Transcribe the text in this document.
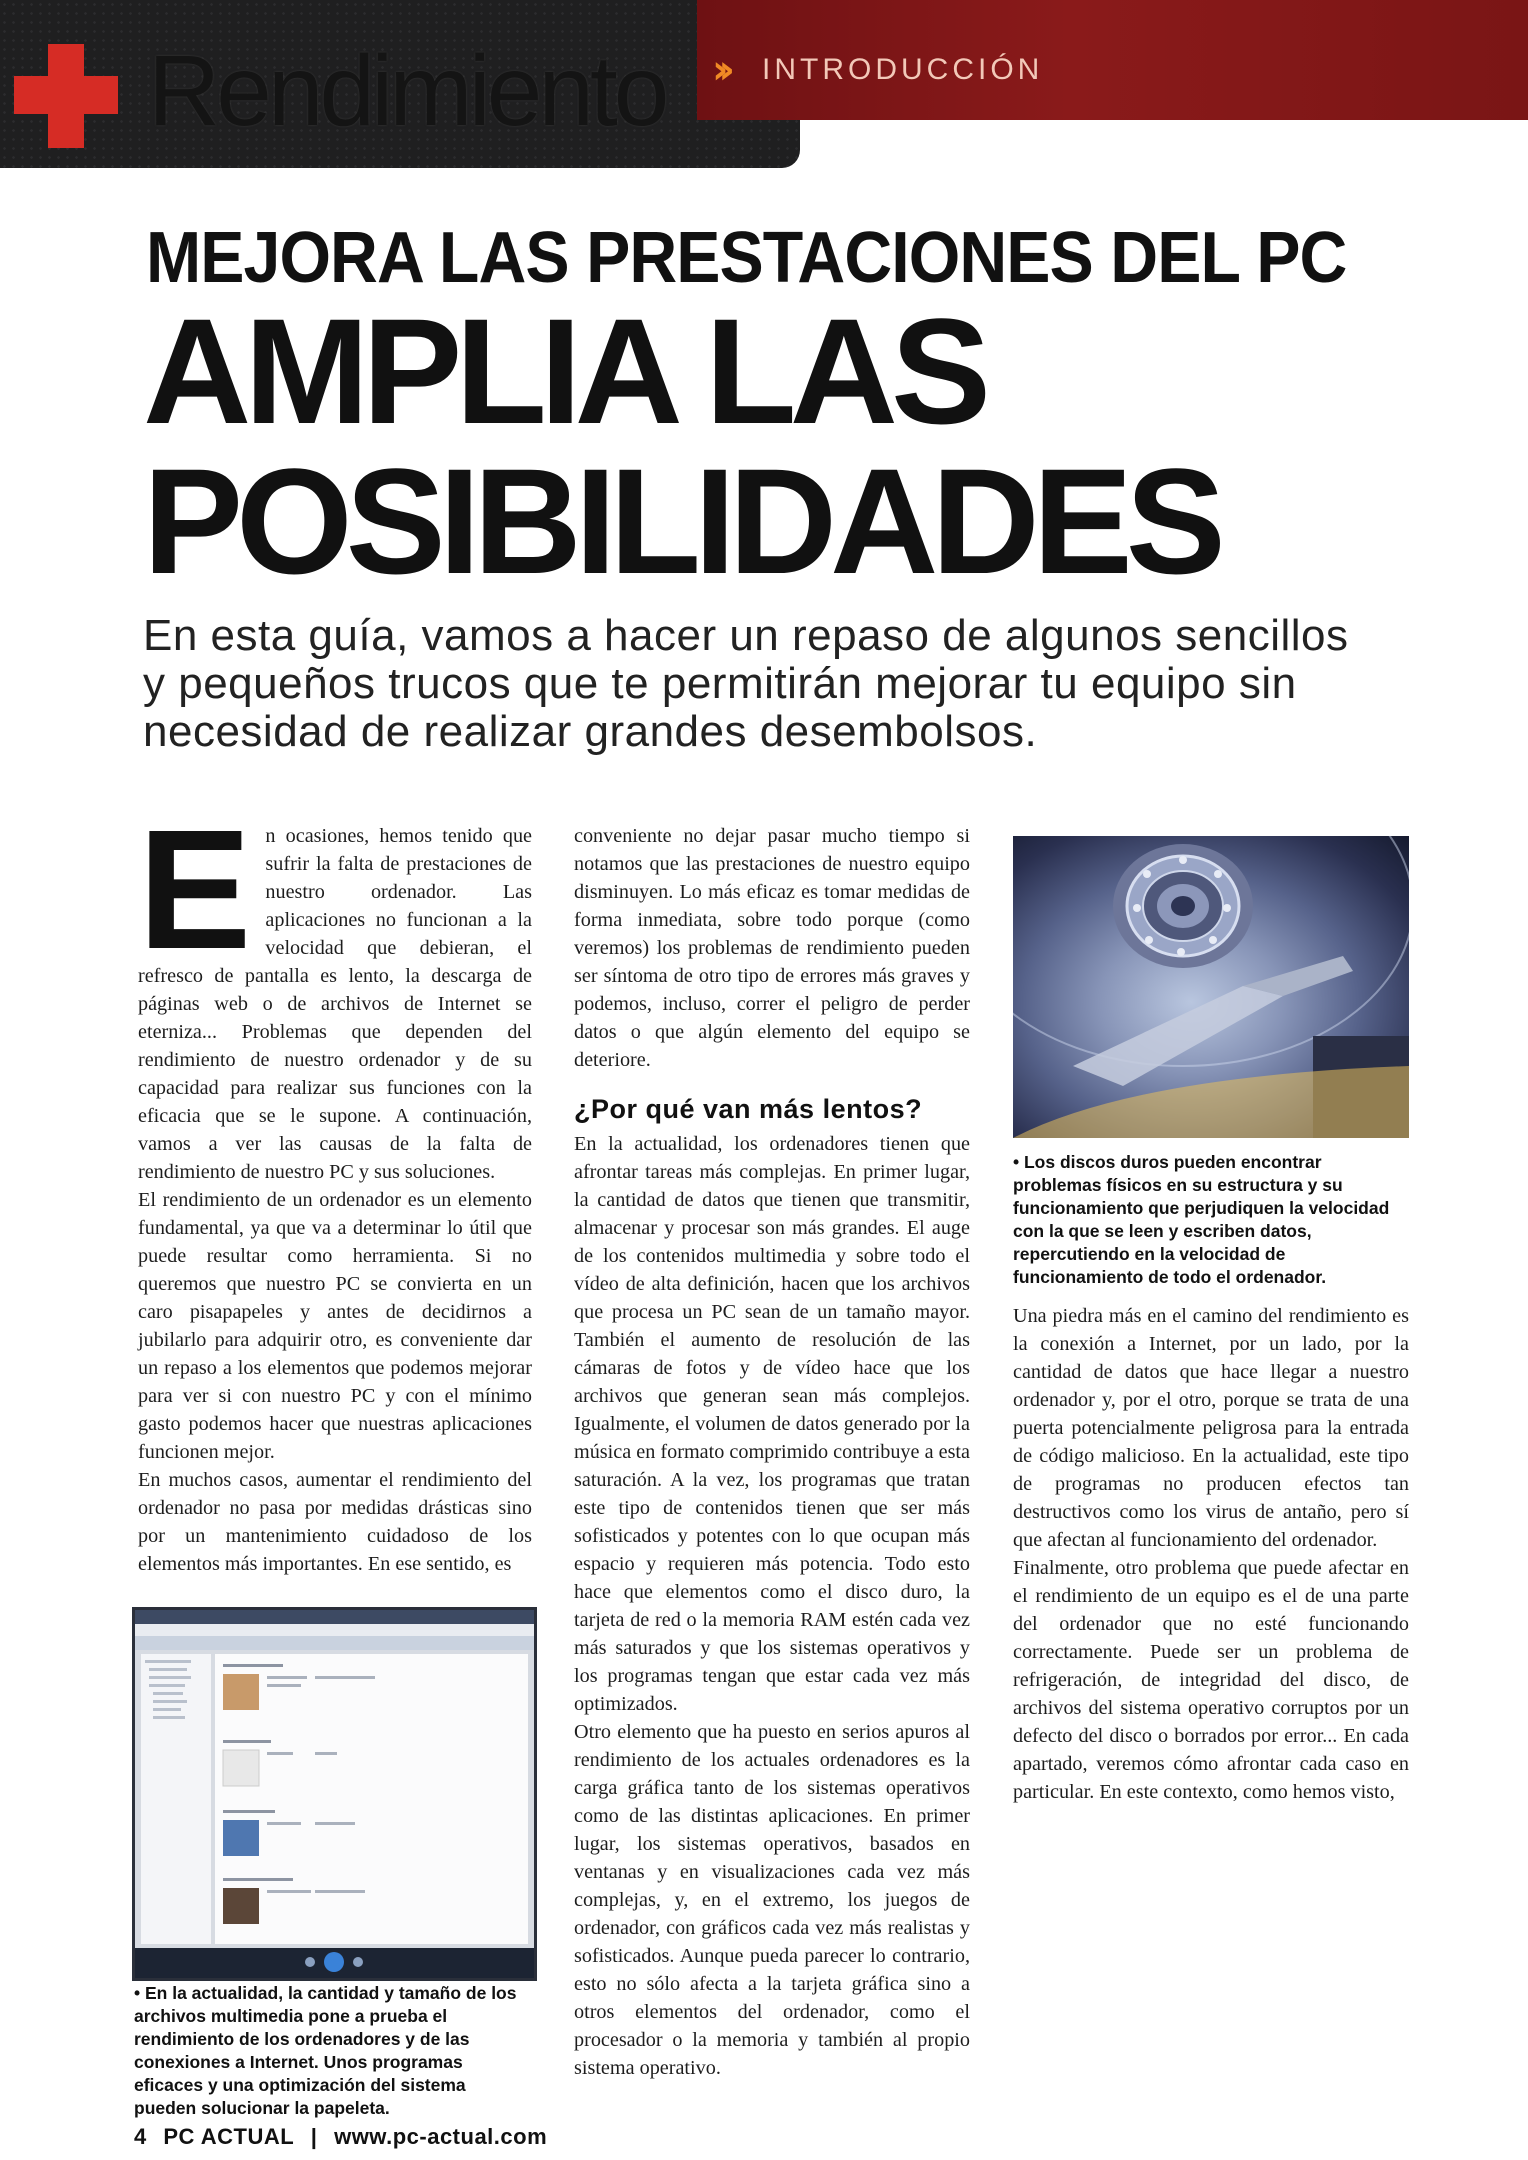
Rendimiento ›› INTRODUCCIÓN
MEJORA LAS PRESTACIONES DEL PC
AMPLIA LAS
POSIBILIDADES
En esta guía, vamos a hacer un repaso de algunos sencillos y pequeños trucos que te permitirán mejorar tu equipo sin necesidad de realizar grandes desembolsos.
E n ocasiones, hemos tenido que sufrir la falta de prestaciones de nuestro ordenador. Las aplicaciones no funcionan a la velocidad que debieran, el refresco de pantalla es lento, la descarga de páginas web o de archivos de Internet se eterniza... Problemas que dependen del rendimiento de nuestro ordenador y de su capacidad para realizar sus funciones con la eficacia que se le supone. A continuación, vamos a ver las causas de la falta de rendimiento de nuestro PC y sus soluciones.

El rendimiento de un ordenador es un elemento fundamental, ya que va a determinar lo útil que puede resultar como herramienta. Si no queremos que nuestro PC se convierta en un caro pisapapeles y antes de decidirnos a jubilarlo para adquirir otro, es conveniente dar un repaso a los elementos que podemos mejorar para ver si con nuestro PC y con el mínimo gasto podemos hacer que nuestras aplicaciones funcionen mejor.

En muchos casos, aumentar el rendimiento del ordenador no pasa por medidas drásticas sino por un mantenimiento cuidadoso de los elementos más importantes. En ese sentido, es

• En la actualidad, la cantidad y tamaño de los archivos multimedia pone a prueba el rendimiento de los ordenadores y de las conexiones a Internet. Unos programas eficaces y una optimización del sistema pueden solucionar la papeleta.

conveniente no dejar pasar mucho tiempo si notamos que las prestaciones de nuestro equipo disminuyen. Lo más eficaz es tomar medidas de forma inmediata, sobre todo porque (como veremos) los problemas de rendimiento pueden ser síntoma de otro tipo de errores más graves y podemos, incluso, correr el peligro de perder datos o que algún elemento del equipo se deteriore.

¿Por qué van más lentos?

En la actualidad, los ordenadores tienen que afrontar tareas más complejas. En primer lugar, la cantidad de datos que tienen que transmitir, almacenar y procesar son más grandes. El auge de los contenidos multimedia y sobre todo el vídeo de alta definición, hacen que los archivos que procesa un PC sean de un tamaño mayor. También el aumento de resolución de las cámaras de fotos y de vídeo hace que los archivos que generan sean más complejos. Igualmente, el volumen de datos generado por la música en formato comprimido contribuye a esta saturación. A la vez, los programas que tratan este tipo de contenidos tienen que ser más sofisticados y potentes con lo que ocupan más espacio y requieren más potencia. Todo esto hace que elementos como el disco duro, la tarjeta de red o la memoria RAM estén cada vez más saturados y que los sistemas operativos y los programas tengan que estar cada vez más optimizados.

Otro elemento que ha puesto en serios apuros al rendimiento de los actuales ordenadores es la carga gráfica tanto de los sistemas operativos como de las distintas aplicaciones. En primer lugar, los sistemas operativos, basados en ventanas y en visualizaciones cada vez más complejas, y, en el extremo, los juegos de ordenador, con gráficos cada vez más realistas y sofisticados. Aunque pueda parecer lo contrario, esto no sólo afecta a la tarjeta gráfica sino a otros elementos del ordenador, como el procesador o la memoria y también al propio sistema operativo.

• Los discos duros pueden encontrar problemas físicos en su estructura y su funcionamiento que perjudiquen la velocidad con la que se leen y escriben datos, repercutiendo en la velocidad de funcionamiento de todo el ordenador.

Una piedra más en el camino del rendimiento es la conexión a Internet, por un lado, por la cantidad de datos que hace llegar a nuestro ordenador y, por el otro, porque se trata de una puerta potencialmente peligrosa para la entrada de código malicioso. En la actualidad, este tipo de programas no producen efectos tan destructivos como los virus de antaño, pero sí que afectan al funcionamiento del ordenador.

Finalmente, otro problema que puede afectar en el rendimiento de un equipo es el de una parte del ordenador que no esté funcionando correctamente. Puede ser un problema de refrigeración, de integridad del disco, de archivos del sistema operativo corruptos por un defecto del disco o borrados por error... En cada apartado, veremos cómo afrontar cada caso en particular. En este contexto, como hemos visto,

4 PC ACTUAL | www.pc-actual.com
